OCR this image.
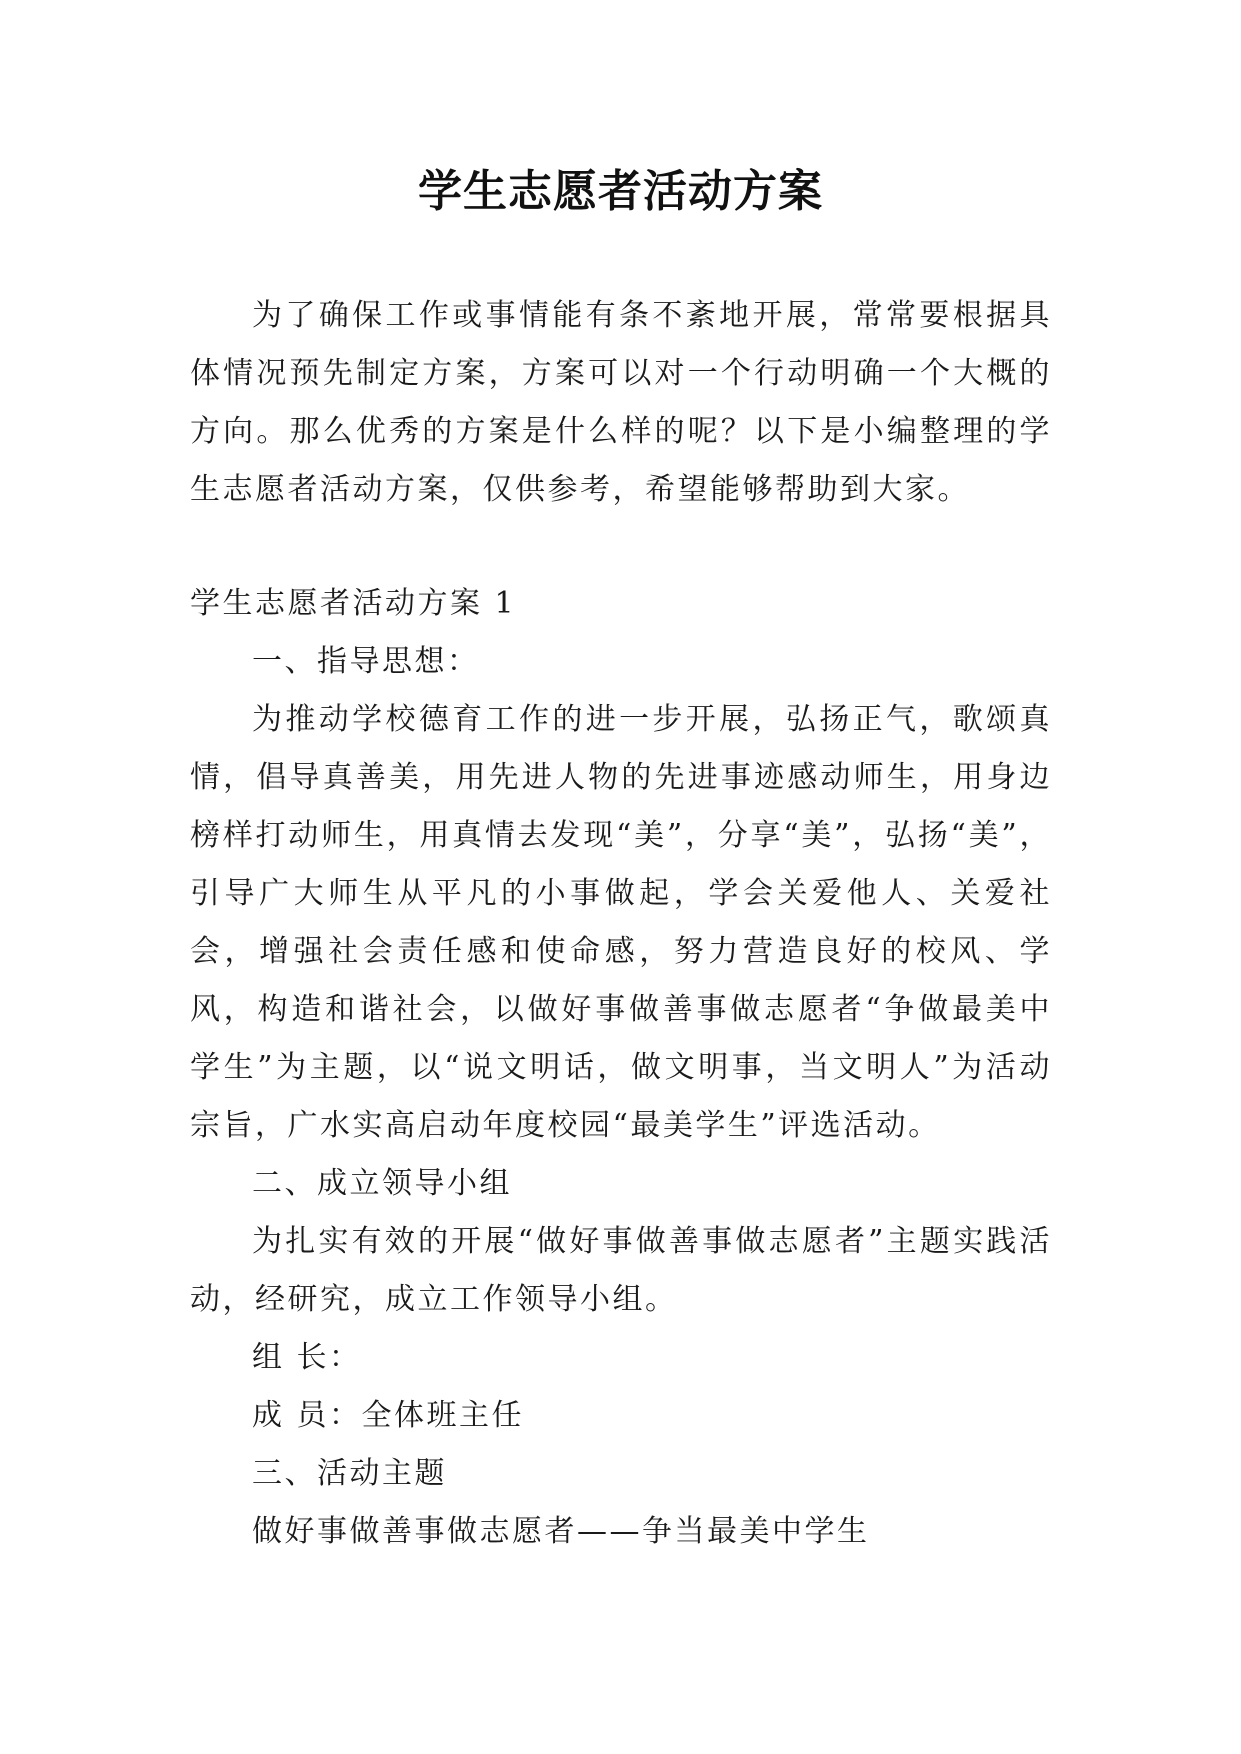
学生志愿者活动方案

为了确保工作或事情能有条不紊地开展，常常要根据具体情况预先制定方案，方案可以对一个行动明确一个大概的方向。那么优秀的方案是什么样的呢？以下是小编整理的学生志愿者活动方案，仅供参考，希望能够帮助到大家。

学生志愿者活动方案 1

一、指导思想：

为推动学校德育工作的进一步开展，弘扬正气，歌颂真情，倡导真善美，用先进人物的先进事迹感动师生，用身边榜样打动师生，用真情去发现“美”，分享“美”，弘扬“美”，引导广大师生从平凡的小事做起，学会关爱他人、关爱社会，增强社会责任感和使命感，努力营造良好的校风、学风，构造和谐社会，以做好事做善事做志愿者“争做最美中学生”为主题，以“说文明话，做文明事，当文明人”为活动宗旨，广水实高启动年度校园“最美学生”评选活动。

二、成立领导小组

为扎实有效的开展“做好事做善事做志愿者”主题实践活动，经研究，成立工作领导小组。

组 长：

成 员：全体班主任

三、活动主题

做好事做善事做志愿者——争当最美中学生
